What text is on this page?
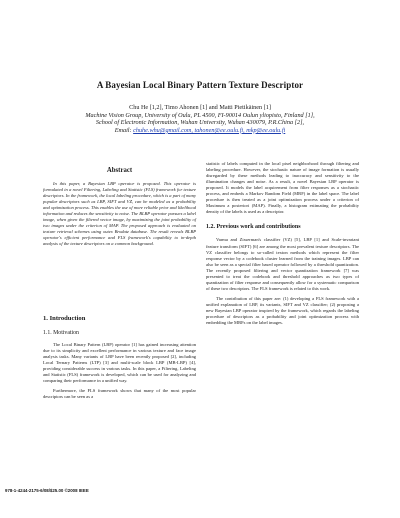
A Bayesian Local Binary Pattern Texture Descriptor
Chu He [1,2], Timo Ahonen [1] and Matti Pietikäinen [1]
Machine Vision Group, University of Oulu, PL 4500, FI-90014 Oulun yliopisto, Finland [1],
School of Electronic Information, Wuhan University, Wuhan 430079, P.R.China [2],
Email: chuhe.whu@gmail.com, tahonen@ee.oulu.fi, mkp@ee.oulu.fi
Abstract

In this paper, a Bayesian LBP operator is proposed. This operator is formulated in a novel Filtering, Labeling and Statistic (FLS) framework for texture descriptors. In the framework, the local labeling procedure, which is a part of many popular descriptors such as LBP, SIFT and VZ, can be modeled as a probability and optimization process. This enables the use of more reliable prior and likelihood information and reduces the sensitivity to noise. The BLBP operator pursues a label image, when given the filtered vector image, by maximizing the joint probability of two images under the criterion of MAP. The proposed approach is evaluated on texture retrieval schemes using outex Brodatz database. The result reveals BLBP operator's efficient performance and FLS framework's capability to in-depth analysis of the texture descriptors on a common background.

1. Introduction
1.1. Motivation

The Local Binary Pattern (LBP) operator [1] has gained increasing attention due to its simplicity and excellent performance in various texture and face image analysis tasks. Many variants of LBP have been recently proposed [2], including Local Ternary Patterns (LTP) [3] and multi-scale block LBP (MB-LBP) [4], providing considerable success in various tasks. In this paper, a Filtering, Labeling and Statistic (FLS) framework is developed, which can be used for analyzing and comparing their performance in a unified way.

Furthermore, the FLS framework shows that many of the most popular descriptors can be seen as a

statistic of labels computed in the local pixel neighborhood through filtering and labeling procedure. However, the stochastic nature of image formation is usually disregarded by these methods leading to inaccuracy and sensitivity to the illumination changes and noise. As a result, a novel Bayesian LBP operator is proposed. It models the label acquirement from filter responses as a stochastic process, and embeds a Markov Random Field (MRF) in the label space. The label procedure is then treated as a joint optimization process under a criterion of Maximum a posteriori (MAP). Finally, a histogram estimating the probability density of the labels is used as a descriptor.

1.2. Previous work and contributions

Varma and Zisserman's classifier (VZ) [5], LBP [1] and Scale-invariant feature transform (SIFT) [6] are among the most prevalent texture descriptors. The VZ classifier belongs to so-called texton methods which represent the filter response vector by a codebook cluster learned from the training images. LBP can also be seen as a special filter based operator followed by a threshold quantization. The recently proposed filtering and vector quantization framework [7] was presented to treat the codebook and threshold approaches as two types of quantization of filter response and consequently allow for a systematic comparison of these two descriptors. The FLS framework is related to this work.

The contribution of this paper are: (1) developing a FLS framework with a unified explanation of LBP, its variants, SIFT and VZ classifier; (2) proposing a new Bayesian LBP operator inspired by the framework, which regards the labeling procedure of descriptors as a probability and joint optimization process with embedding the MRFs on the label images.

978-1-4244-2175-6/08/$25.00 ©2008 IEEE
